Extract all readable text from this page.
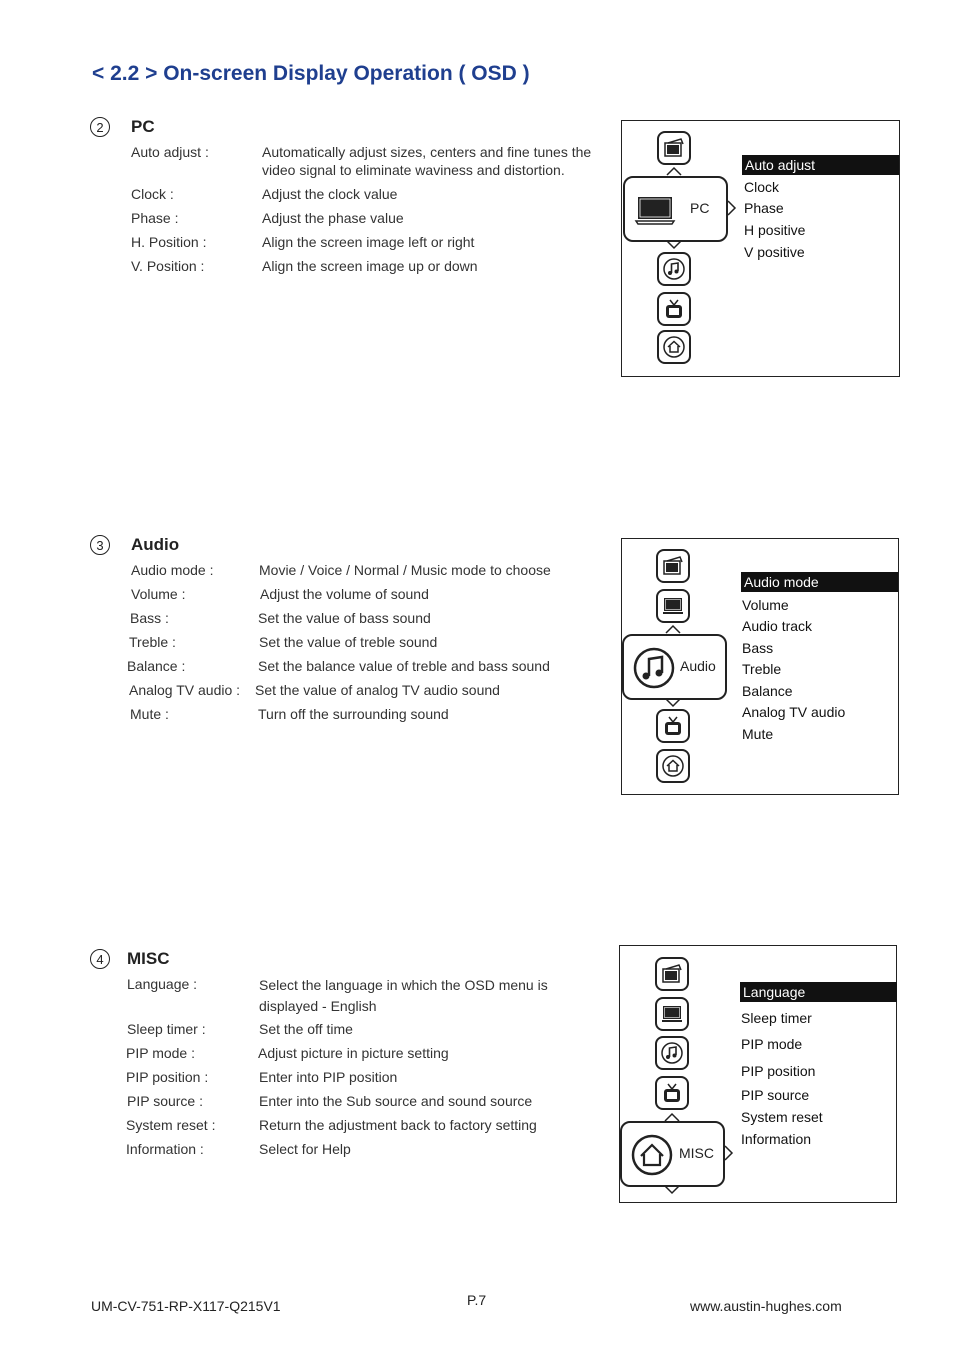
< 2.2 > On-screen Display Operation ( OSD )
2	PC
Auto adjust :	Automatically adjust sizes, centers and fine tunes the video signal to eliminate waviness and distortion.
Clock :	Adjust the clock value
Phase :	Adjust the phase value
H. Position :	Align the screen image left or right
V. Position :	Align the screen image up or down
PC
Auto adjust
Clock
Phase
H positive
V positive
3	Audio
Audio mode :	Movie / Voice / Normal / Music mode to choose
Volume :	Adjust the volume of sound
Bass :	Set the value of bass sound
Treble :	Set the value of treble sound
Balance :	Set the balance value of treble and bass sound
Analog TV audio : Set the value of analog TV audio sound
Mute :	Turn off the surrounding sound
Audio
Audio mode
Volume
Audio track
Bass
Treble
Balance
Analog TV audio
Mute
4	MISC
Language :	Select the language in which the OSD menu is displayed - English
Sleep timer :	Set the off time
PIP mode :	Adjust picture in picture setting
PIP position :	Enter into PIP position
PIP source :	Enter into the Sub source and sound source
System reset :	Return the adjustment back to factory setting
Information :	Select for Help	MISC
Language
Sleep timer
PIP mode
PIP position
PIP source
System reset
Information
UM-CV-751-RP-X117-Q215V1	P.7	www.austin-hughes.com
